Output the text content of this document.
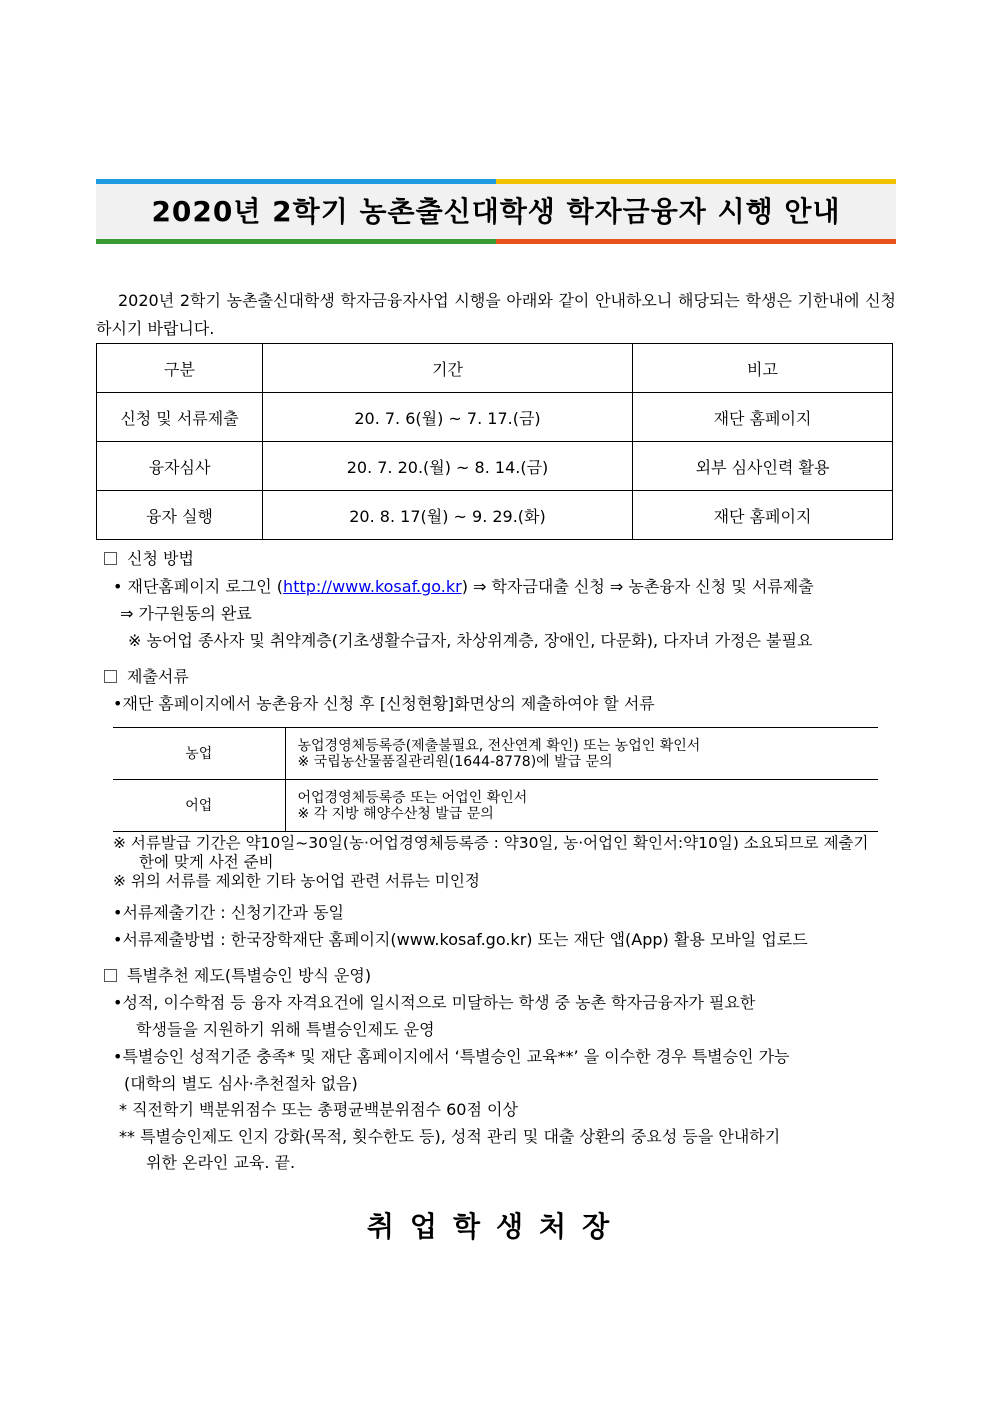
2020년 2학기 농촌출신대학생 학자금융자 시행 안내
2020년 2학기 농촌출신대학생 학자금융자사업 시행을 아래와 같이 안내하오니 해당되는 학생은 기한내에 신청하시기 바랍니다.
구분	기간	비고
신청 및 서류제출	20. 7. 6(월) ~ 7. 17.(금)	재단 홈페이지
융자심사	20. 7. 20.(월) ~ 8. 14.(금)	외부 심사인력 활용
융자 실행	20. 8. 17(월) ~ 9. 29.(화)	재단 홈페이지
신청 방법
• 재단홈페이지 로그인 (http://www.kosaf.go.kr) ⇒ 학자금대출 신청 ⇒ 농촌융자 신청 및 서류제출
⇒ 가구원동의 완료
※ 농어업 종사자 및 취약계층(기초생활수급자, 차상위계층, 장애인, 다문화), 다자녀 가정은 불필요
제출서류
•재단 홈페이지에서 농촌융자 신청 후 [신청현황]화면상의 제출하여야 할 서류
농업	농업경영체등록증(제출불필요, 전산연계 확인) 또는 농업인 확인서
※ 국립농산물품질관리원(1644-8778)에 발급 문의

어업	어업경영체등록증 또는 어업인 확인서
※ 각 지방 해양수산청 발급 문의
※ 서류발급 기간은 약10일~30일(농·어업경영체등록증 : 약30일, 농·어업인 확인서:약10일) 소요되므로 제출기
한에 맞게 사전 준비
※ 위의 서류를 제외한 기타 농어업 관련 서류는 미인정
•서류제출기간 : 신청기간과 동일
•서류제출방법 : 한국장학재단 홈페이지(www.kosaf.go.kr) 또는 재단 앱(App) 활용 모바일 업로드
특별추천 제도(특별승인 방식 운영)
•성적, 이수학점 등 융자 자격요건에 일시적으로 미달하는 학생 중 농촌 학자금융자가 필요한
학생들을 지원하기 위해 특별승인제도 운영
•특별승인 성적기준 충족* 및 재단 홈페이지에서 ‘특별승인 교육**’ 을 이수한 경우 특별승인 가능
(대학의 별도 심사·추천절차 없음)
* 직전학기 백분위점수 또는 총평균백분위점수 60점 이상
** 특별승인제도 인지 강화(목적, 횟수한도 등), 성적 관리 및 대출 상환의 중요성 등을 안내하기
위한 온라인 교육. 끝.
취업학생처장
